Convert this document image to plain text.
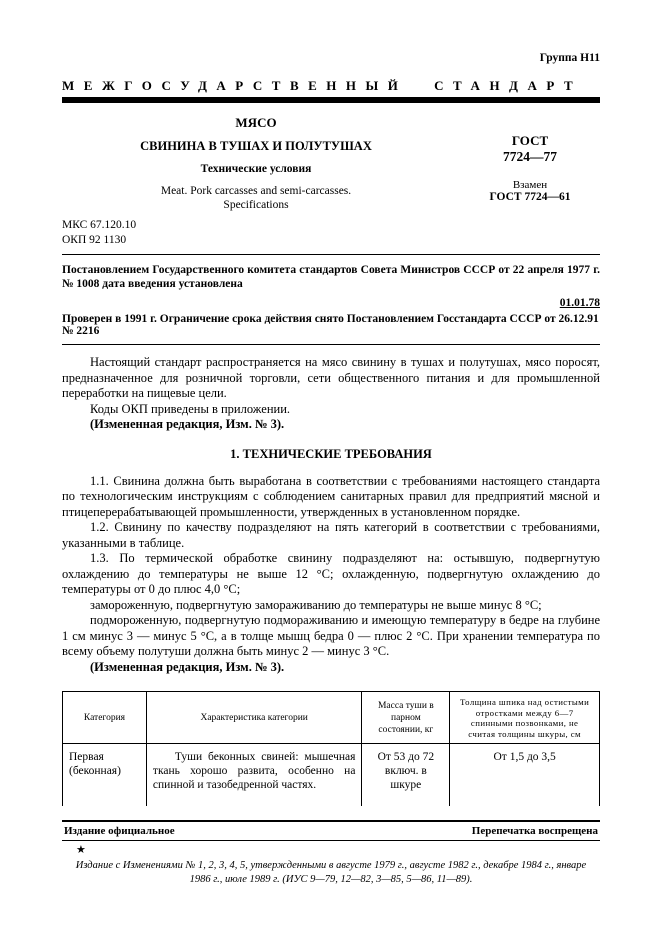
Группа Н11
МЕЖГОСУДАРСТВЕННЫЙ СТАНДАРТ
МЯСО
СВИНИНА В ТУШАХ И ПОЛУТУШАХ
Технические условия
Meat. Pork carcasses and semi-carcasses.
Specifications
ГОСТ
7724—77
Взамен
ГОСТ 7724—61
МКС 67.120.10
ОКП 92 1130
Постановлением Государственного комитета стандартов Совета Министров СССР от 22 апреля 1977 г. № 1008 дата введения установлена
01.01.78
Проверен в 1991 г. Ограничение срока действия снято Постановлением Госстандарта СССР от 26.12.91 № 2216

Настоящий стандарт распространяется на мясо свинину в тушах и полутушах, мясо поросят, предназначенное для розничной торговли, сети общественного питания и для промышленной переработки на пищевые цели.

Коды ОКП приведены в приложении.

(Измененная редакция, Изм. № 3).

1. ТЕХНИЧЕСКИЕ ТРЕБОВАНИЯ

1.1. Свинина должна быть выработана в соответствии с требованиями настоящего стандарта по технологическим инструкциям с соблюдением санитарных правил для предприятий мясной и птицеперерабатывающей промышленности, утвержденных в установленном порядке.

1.2. Свинину по качеству подразделяют на пять категорий в соответствии с требованиями, указанными в таблице.

1.3. По термической обработке свинину подразделяют на: остывшую, подвергнутую охлаждению до температуры не выше 12 °С; охлажденную, подвергнутую охлаждению до температуры от 0 до плюс 4,0 °С;

замороженную, подвергнутую замораживанию до температуры не выше минус 8 °С;

подмороженную, подвергнутую подмораживанию и имеющую температуру в бедре на глубине 1 см минус 3 — минус 5 °С, а в толще мышц бедра 0 — плюс 2 °С. При хранении температура по всему объему полутуши должна быть минус 2 — минус 3 °С.

(Измененная редакция, Изм. № 3).

Категория	Характеристика категории	Масса туши в парном состоянии, кг	Толщина шпика над остистыми отростками между 6—7 спинными позвонками, не считая толщины шкуры, см
Первая (беконная)	Туши беконных свиней: мышечная ткань хорошо развита, особенно на спинной и тазобедренной частях.	От 53 до 72 включ. в шкуре	От 1,5 до 3,5
Издание официальное	Перепечатка воспрещена
★
Издание с Изменениями № 1, 2, 3, 4, 5, утвержденными в августе 1979 г., августе 1982 г., декабре 1984 г., январе 1986 г., июле 1989 г. (ИУС 9—79, 12—82, 3—85, 5—86, 11—89).
